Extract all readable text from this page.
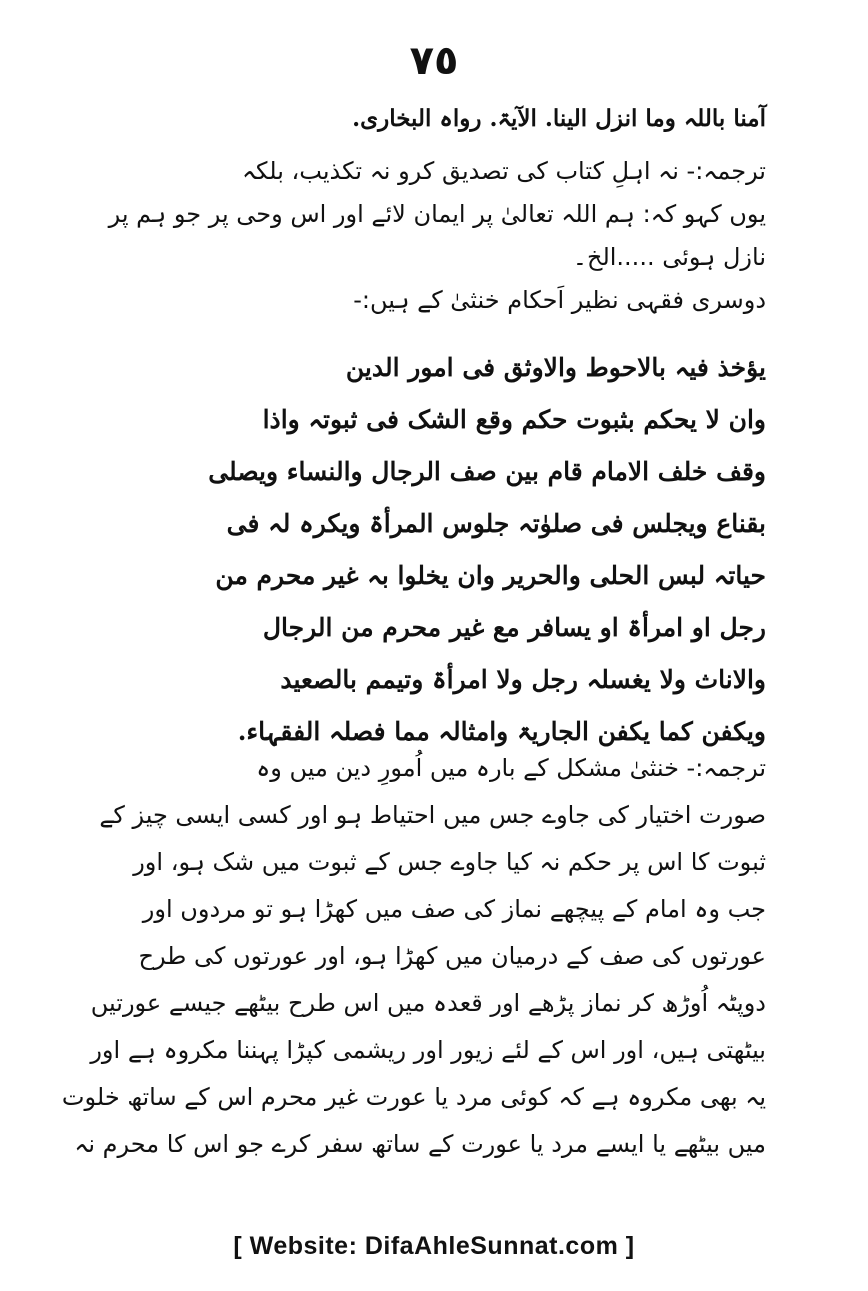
٧٥
آمنا باللہ وما انزل الینا. الآیۃ. رواہ البخاری.
ترجمہ:- نہ اہلِ کتاب کی تصدیق کرو نہ تکذیب، بلکہ
یوں کہو کہ: ہم اللہ تعالیٰ پر ایمان لائے اور اس وحی پر جو ہم پر
نازل ہوئی .....الخ۔
دوسری فقہی نظیر اَحکام خنثیٰ کے ہیں:-
یؤخذ فیہ بالاحوط والاوثق فی امور الدین
وان لا یحکم بثبوت حکم وقع الشک فی ثبوتہ واذا
وقف خلف الامام قام بین صف الرجال والنساء ویصلی
بقناع ویجلس فی صلوٰتہ جلوس المرأۃ ویکرہ لہ فی
حیاتہ لبس الحلی والحریر وان یخلوا بہ غیر محرم من
رجل او امرأۃ او یسافر مع غیر محرم من الرجال
والاناث ولا یغسلہ رجل ولا امرأۃ وتیمم بالصعید
ویکفن کما یکفن الجاریۃ وامثالہ مما فصلہ الفقہاء.
ترجمہ:- خنثیٰ مشکل کے بارہ میں اُمورِ دین میں وہ
صورت اختیار کی جاوے جس میں احتیاط ہو اور کسی ایسی چیز کے
ثبوت کا اس پر حکم نہ کیا جاوے جس کے ثبوت میں شک ہو، اور
جب وہ امام کے پیچھے نماز کی صف میں کھڑا ہو تو مردوں اور
عورتوں کی صف کے درمیان میں کھڑا ہو، اور عورتوں کی طرح
دوپٹہ اُوڑھ کر نماز پڑھے اور قعدہ میں اس طرح بیٹھے جیسے عورتیں
بیٹھتی ہیں، اور اس کے لئے زیور اور ریشمی کپڑا پہننا مکروہ ہے اور
یہ بھی مکروہ ہے کہ کوئی مرد یا عورت غیر محرم اس کے ساتھ خلوت
میں بیٹھے یا ایسے مرد یا عورت کے ساتھ سفر کرے جو اس کا محرم نہ
[ Website: DifaAhleSunnat.com ]
